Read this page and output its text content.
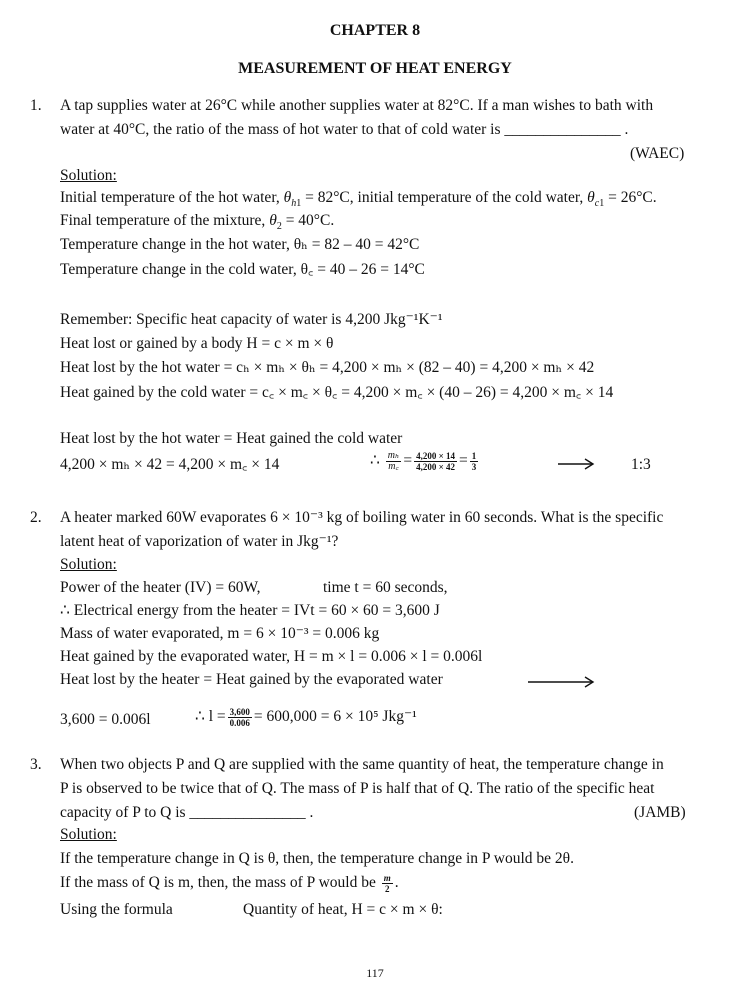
CHAPTER 8
MEASUREMENT OF HEAT ENERGY
1. A tap supplies water at 26°C while another supplies water at 82°C. If a man wishes to bath with
water at 40°C, the ratio of the mass of hot water to that of cold water is _______________ .
(WAEC)
Solution:
Initial temperature of the hot water, $\theta_{h1} = 82^\circ C$, initial temperature of the cold water, $\theta_{c1} = 26^\circ C$.
Final temperature of the mixture, $\theta_2 = 40^\circ C$.
Temperature change in the hot water, θₕ = 82 – 40 = 42°C
Temperature change in the cold water, θ꜀ = 40 – 26 = 14°C
Remember: Specific heat capacity of water is 4,200 Jkg⁻¹K⁻¹
Heat lost or gained by a body H = c × m × θ
Heat lost by the hot water = cₕ × mₕ × θₕ = 4,200 × mₕ × (82 – 40) = 4,200 × mₕ × 42
Heat gained by the cold water = c꜀ × m꜀ × θ꜀ = 4,200 × m꜀ × (40 – 26) = 4,200 × m꜀ × 14
Heat lost by the hot water = Heat gained the cold water
4,200 × mₕ × 42 = 4,200 × m꜀ × 14	∴ $\frac{\text{mₕ}}{m꜀} = \frac{4,200 \times 14}{4,200 \times 42} = \frac{1}{3}$	1:3
2. A heater marked 60W evaporates 6 × 10⁻³ kg of boiling water in 60 seconds. What is the specific
latent heat of vaporization of water in Jkg⁻¹?
Solution:
Power of the heater (IV) = 60W,	time t = 60 seconds,
∴ Electrical energy from the heater = IVt = 60 × 60 = 3,600 J
Mass of water evaporated, m = 6 × 10⁻³ = 0.006 kg
Heat gained by the evaporated water, H = m × l = 0.006 × l = 0.006l
Heat lost by the heater = Heat gained by the evaporated water
3,600 = 0.006l	∴ $l = \frac{3,600}{0.006} = 600,000 = 6 \times 10^5$ Jkg⁻¹
3. When two objects P and Q are supplied with the same quantity of heat, the temperature change in
P is observed to be twice that of Q. The mass of P is half that of Q. The ratio of the specific heat
capacity of P to Q is _______________ .	(JAMB)
Solution:
If the temperature change in Q is θ, then, the temperature change in P would be 2θ.
If the mass of Q is m, then, the mass of P would be $\frac{m}{2}$ .
Using the formula	Quantity of heat, H = c × m × θ:
117
